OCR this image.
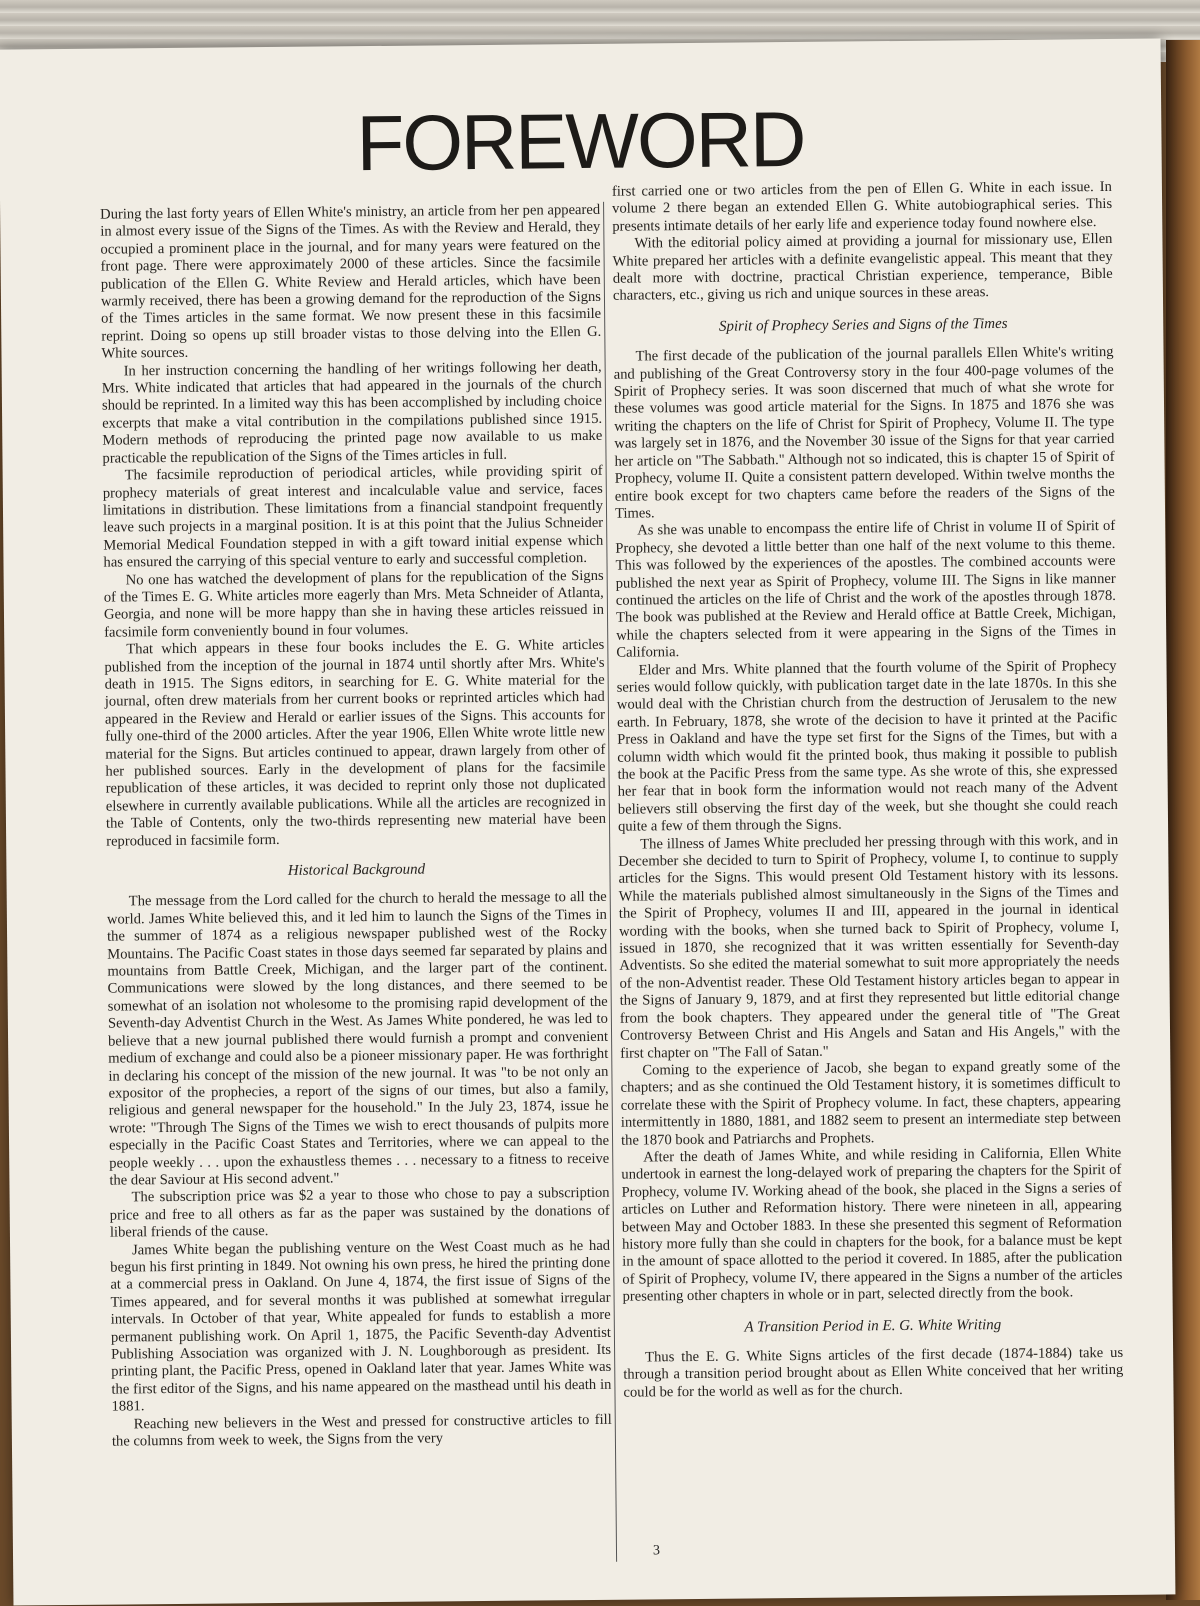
FOREWORD

During the last forty years of Ellen White's ministry, an article from her pen appeared in almost every issue of the Signs of the Times. As with the Review and Herald, they occupied a prominent place in the journal, and for many years were featured on the front page. There were approximately 2000 of these articles. Since the facsimile publication of the Ellen G. White Review and Herald articles, which have been warmly received, there has been a growing demand for the reproduction of the Signs of the Times articles in the same format. We now present these in this facsimile reprint. Doing so opens up still broader vistas to those delving into the Ellen G. White sources.

In her instruction concerning the handling of her writings following her death, Mrs. White indicated that articles that had appeared in the journals of the church should be reprinted. In a limited way this has been accomplished by including choice excerpts that make a vital contribution in the compilations published since 1915. Modern methods of reproducing the printed page now available to us make practicable the republication of the Signs of the Times articles in full.

The facsimile reproduction of periodical articles, while providing spirit of prophecy materials of great interest and incalculable value and service, faces limitations in distribution. These limitations from a financial standpoint frequently leave such projects in a marginal position. It is at this point that the Julius Schneider Memorial Medical Foundation stepped in with a gift toward initial expense which has ensured the carrying of this special venture to early and successful completion.

No one has watched the development of plans for the republication of the Signs of the Times E. G. White articles more eagerly than Mrs. Meta Schneider of Atlanta, Georgia, and none will be more happy than she in having these articles reissued in facsimile form conveniently bound in four volumes.

That which appears in these four books includes the E. G. White articles published from the inception of the journal in 1874 until shortly after Mrs. White's death in 1915. The Signs editors, in searching for E. G. White material for the journal, often drew materials from her current books or reprinted articles which had appeared in the Review and Herald or earlier issues of the Signs. This accounts for fully one-third of the 2000 articles. After the year 1906, Ellen White wrote little new material for the Signs. But articles continued to appear, drawn largely from other of her published sources. Early in the development of plans for the facsimile republication of these articles, it was decided to reprint only those not duplicated elsewhere in currently available publications. While all the articles are recognized in the Table of Contents, only the two-thirds representing new material have been reproduced in facsimile form.

Historical Background

The message from the Lord called for the church to herald the message to all the world. James White believed this, and it led him to launch the Signs of the Times in the summer of 1874 as a religious newspaper published west of the Rocky Mountains. The Pacific Coast states in those days seemed far separated by plains and mountains from Battle Creek, Michigan, and the larger part of the continent. Communications were slowed by the long distances, and there seemed to be somewhat of an isolation not wholesome to the promising rapid development of the Seventh-day Adventist Church in the West. As James White pondered, he was led to believe that a new journal published there would furnish a prompt and convenient medium of exchange and could also be a pioneer missionary paper. He was forthright in declaring his concept of the mission of the new journal. It was "to be not only an expositor of the prophecies, a report of the signs of our times, but also a family, religious and general newspaper for the household." In the July 23, 1874, issue he wrote: "Through The Signs of the Times we wish to erect thousands of pulpits more especially in the Pacific Coast States and Territories, where we can appeal to the people weekly . . . upon the exhaustless themes . . . necessary to a fitness to receive the dear Saviour at His second advent."

The subscription price was $2 a year to those who chose to pay a subscription price and free to all others as far as the paper was sustained by the donations of liberal friends of the cause.

James White began the publishing venture on the West Coast much as he had begun his first printing in 1849. Not owning his own press, he hired the printing done at a commercial press in Oakland. On June 4, 1874, the first issue of Signs of the Times appeared, and for several months it was published at somewhat irregular intervals. In October of that year, White appealed for funds to establish a more permanent publishing work. On April 1, 1875, the Pacific Seventh-day Adventist Publishing Association was organized with J. N. Loughborough as president. Its printing plant, the Pacific Press, opened in Oakland later that year. James White was the first editor of the Signs, and his name appeared on the masthead until his death in 1881.

Reaching new believers in the West and pressed for constructive articles to fill the columns from week to week, the Signs from the very

first carried one or two articles from the pen of Ellen G. White in each issue. In volume 2 there began an extended Ellen G. White autobiographical series. This presents intimate details of her early life and experience today found nowhere else.

With the editorial policy aimed at providing a journal for missionary use, Ellen White prepared her articles with a definite evangelistic appeal. This meant that they dealt more with doctrine, practical Christian experience, temperance, Bible characters, etc., giving us rich and unique sources in these areas.

Spirit of Prophecy Series and Signs of the Times

The first decade of the publication of the journal parallels Ellen White's writing and publishing of the Great Controversy story in the four 400-page volumes of the Spirit of Prophecy series. It was soon discerned that much of what she wrote for these volumes was good article material for the Signs. In 1875 and 1876 she was writing the chapters on the life of Christ for Spirit of Prophecy, Volume II. The type was largely set in 1876, and the November 30 issue of the Signs for that year carried her article on "The Sabbath." Although not so indicated, this is chapter 15 of Spirit of Prophecy, volume II. Quite a consistent pattern developed. Within twelve months the entire book except for two chapters came before the readers of the Signs of the Times.

As she was unable to encompass the entire life of Christ in volume II of Spirit of Prophecy, she devoted a little better than one half of the next volume to this theme. This was followed by the experiences of the apostles. The combined accounts were published the next year as Spirit of Prophecy, volume III. The Signs in like manner continued the articles on the life of Christ and the work of the apostles through 1878. The book was published at the Review and Herald office at Battle Creek, Michigan, while the chapters selected from it were appearing in the Signs of the Times in California.

Elder and Mrs. White planned that the fourth volume of the Spirit of Prophecy series would follow quickly, with publication target date in the late 1870s. In this she would deal with the Christian church from the destruction of Jerusalem to the new earth. In February, 1878, she wrote of the decision to have it printed at the Pacific Press in Oakland and have the type set first for the Signs of the Times, but with a column width which would fit the printed book, thus making it possible to publish the book at the Pacific Press from the same type. As she wrote of this, she expressed her fear that in book form the information would not reach many of the Advent believers still observing the first day of the week, but she thought she could reach quite a few of them through the Signs.

The illness of James White precluded her pressing through with this work, and in December she decided to turn to Spirit of Prophecy, volume I, to continue to supply articles for the Signs. This would present Old Testament history with its lessons. While the materials published almost simultaneously in the Signs of the Times and the Spirit of Prophecy, volumes II and III, appeared in the journal in identical wording with the books, when she turned back to Spirit of Prophecy, volume I, issued in 1870, she recognized that it was written essentially for Seventh-day Adventists. So she edited the material somewhat to suit more appropriately the needs of the non-Adventist reader. These Old Testament history articles began to appear in the Signs of January 9, 1879, and at first they represented but little editorial change from the book chapters. They appeared under the general title of "The Great Controversy Between Christ and His Angels and Satan and His Angels," with the first chapter on "The Fall of Satan."

Coming to the experience of Jacob, she began to expand greatly some of the chapters; and as she continued the Old Testament history, it is sometimes difficult to correlate these with the Spirit of Prophecy volume. In fact, these chapters, appearing intermittently in 1880, 1881, and 1882 seem to present an intermediate step between the 1870 book and Patriarchs and Prophets.

After the death of James White, and while residing in California, Ellen White undertook in earnest the long-delayed work of preparing the chapters for the Spirit of Prophecy, volume IV. Working ahead of the book, she placed in the Signs a series of articles on Luther and Reformation history. There were nineteen in all, appearing between May and October 1883. In these she presented this segment of Reformation history more fully than she could in chapters for the book, for a balance must be kept in the amount of space allotted to the period it covered. In 1885, after the publication of Spirit of Prophecy, volume IV, there appeared in the Signs a number of the articles presenting other chapters in whole or in part, selected directly from the book.

A Transition Period in E. G. White Writing

Thus the E. G. White Signs articles of the first decade (1874-1884) take us through a transition period brought about as Ellen White conceived that her writing could be for the world as well as for the church.

3
